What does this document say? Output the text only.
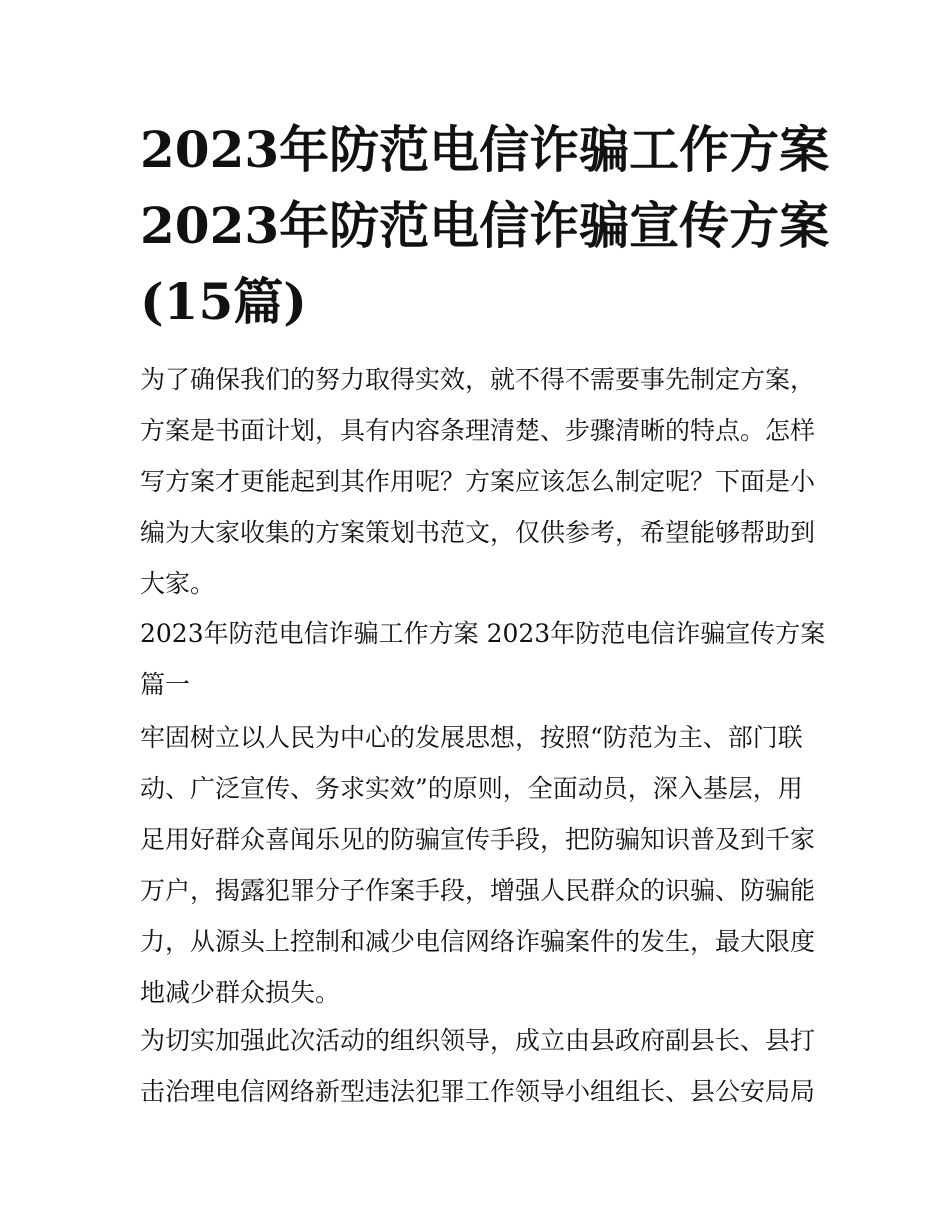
2023年防范电信诈骗工作方案
2023年防范电信诈骗宣传方案
(15篇)
为了确保我们的努力取得实效，就不得不需要事先制定方案，
方案是书面计划，具有内容条理清楚、步骤清晰的特点。怎样
写方案才更能起到其作用呢？方案应该怎么制定呢？下面是小
编为大家收集的方案策划书范文，仅供参考，希望能够帮助到
大家。
2023年防范电信诈骗工作方案 2023年防范电信诈骗宣传方案
篇一
牢固树立以人民为中心的发展思想，按照“防范为主、部门联
动、广泛宣传、务求实效”的原则，全面动员，深入基层，用
足用好群众喜闻乐见的防骗宣传手段，把防骗知识普及到千家
万户，揭露犯罪分子作案手段，增强人民群众的识骗、防骗能
力，从源头上控制和减少电信网络诈骗案件的发生，最大限度
地减少群众损失。
为切实加强此次活动的组织领导，成立由县政府副县长、县打
击治理电信网络新型违法犯罪工作领导小组组长、县公安局局
